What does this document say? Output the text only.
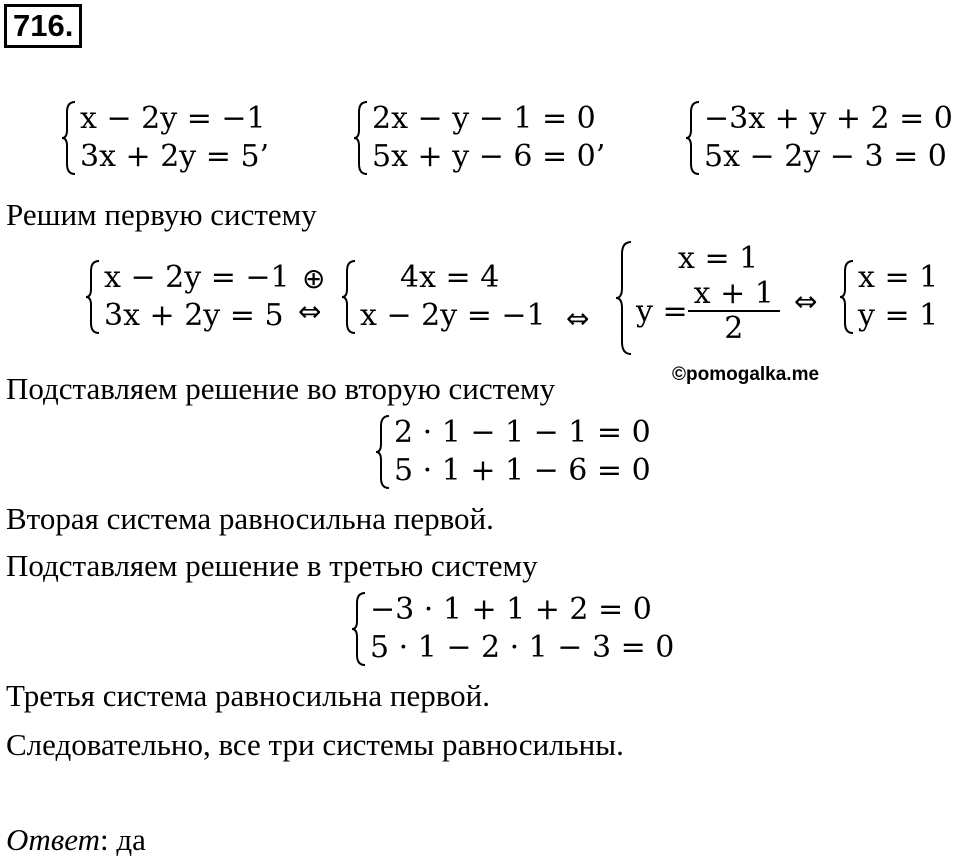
716.
x − 2y = −1
3x + 2y = 5’
2x − y − 1 = 0
5x + y − 6 = 0’
−3x + y + 2 = 0
5x − 2y − 3 = 0
Решим первую систему
x − 2y = −1
3x + 2y = 5
⊕
⇔
4x = 4
x − 2y = −1 ⇔
x = 1
$y = \frac{x + 1}{2}$ ⇔
x = 1
y = 1
©pomogalka.me
Подставляем решение во вторую систему
2 · 1 − 1 − 1 = 0
5 · 1 + 1 − 6 = 0
Вторая система равносильна первой.
Подставляем решение в третью систему
−3 · 1 + 1 + 2 = 0
5 · 1 − 2 · 1 − 3 = 0
Третья система равносильна первой.
Следовательно, все три системы равносильны.
Ответ: да
